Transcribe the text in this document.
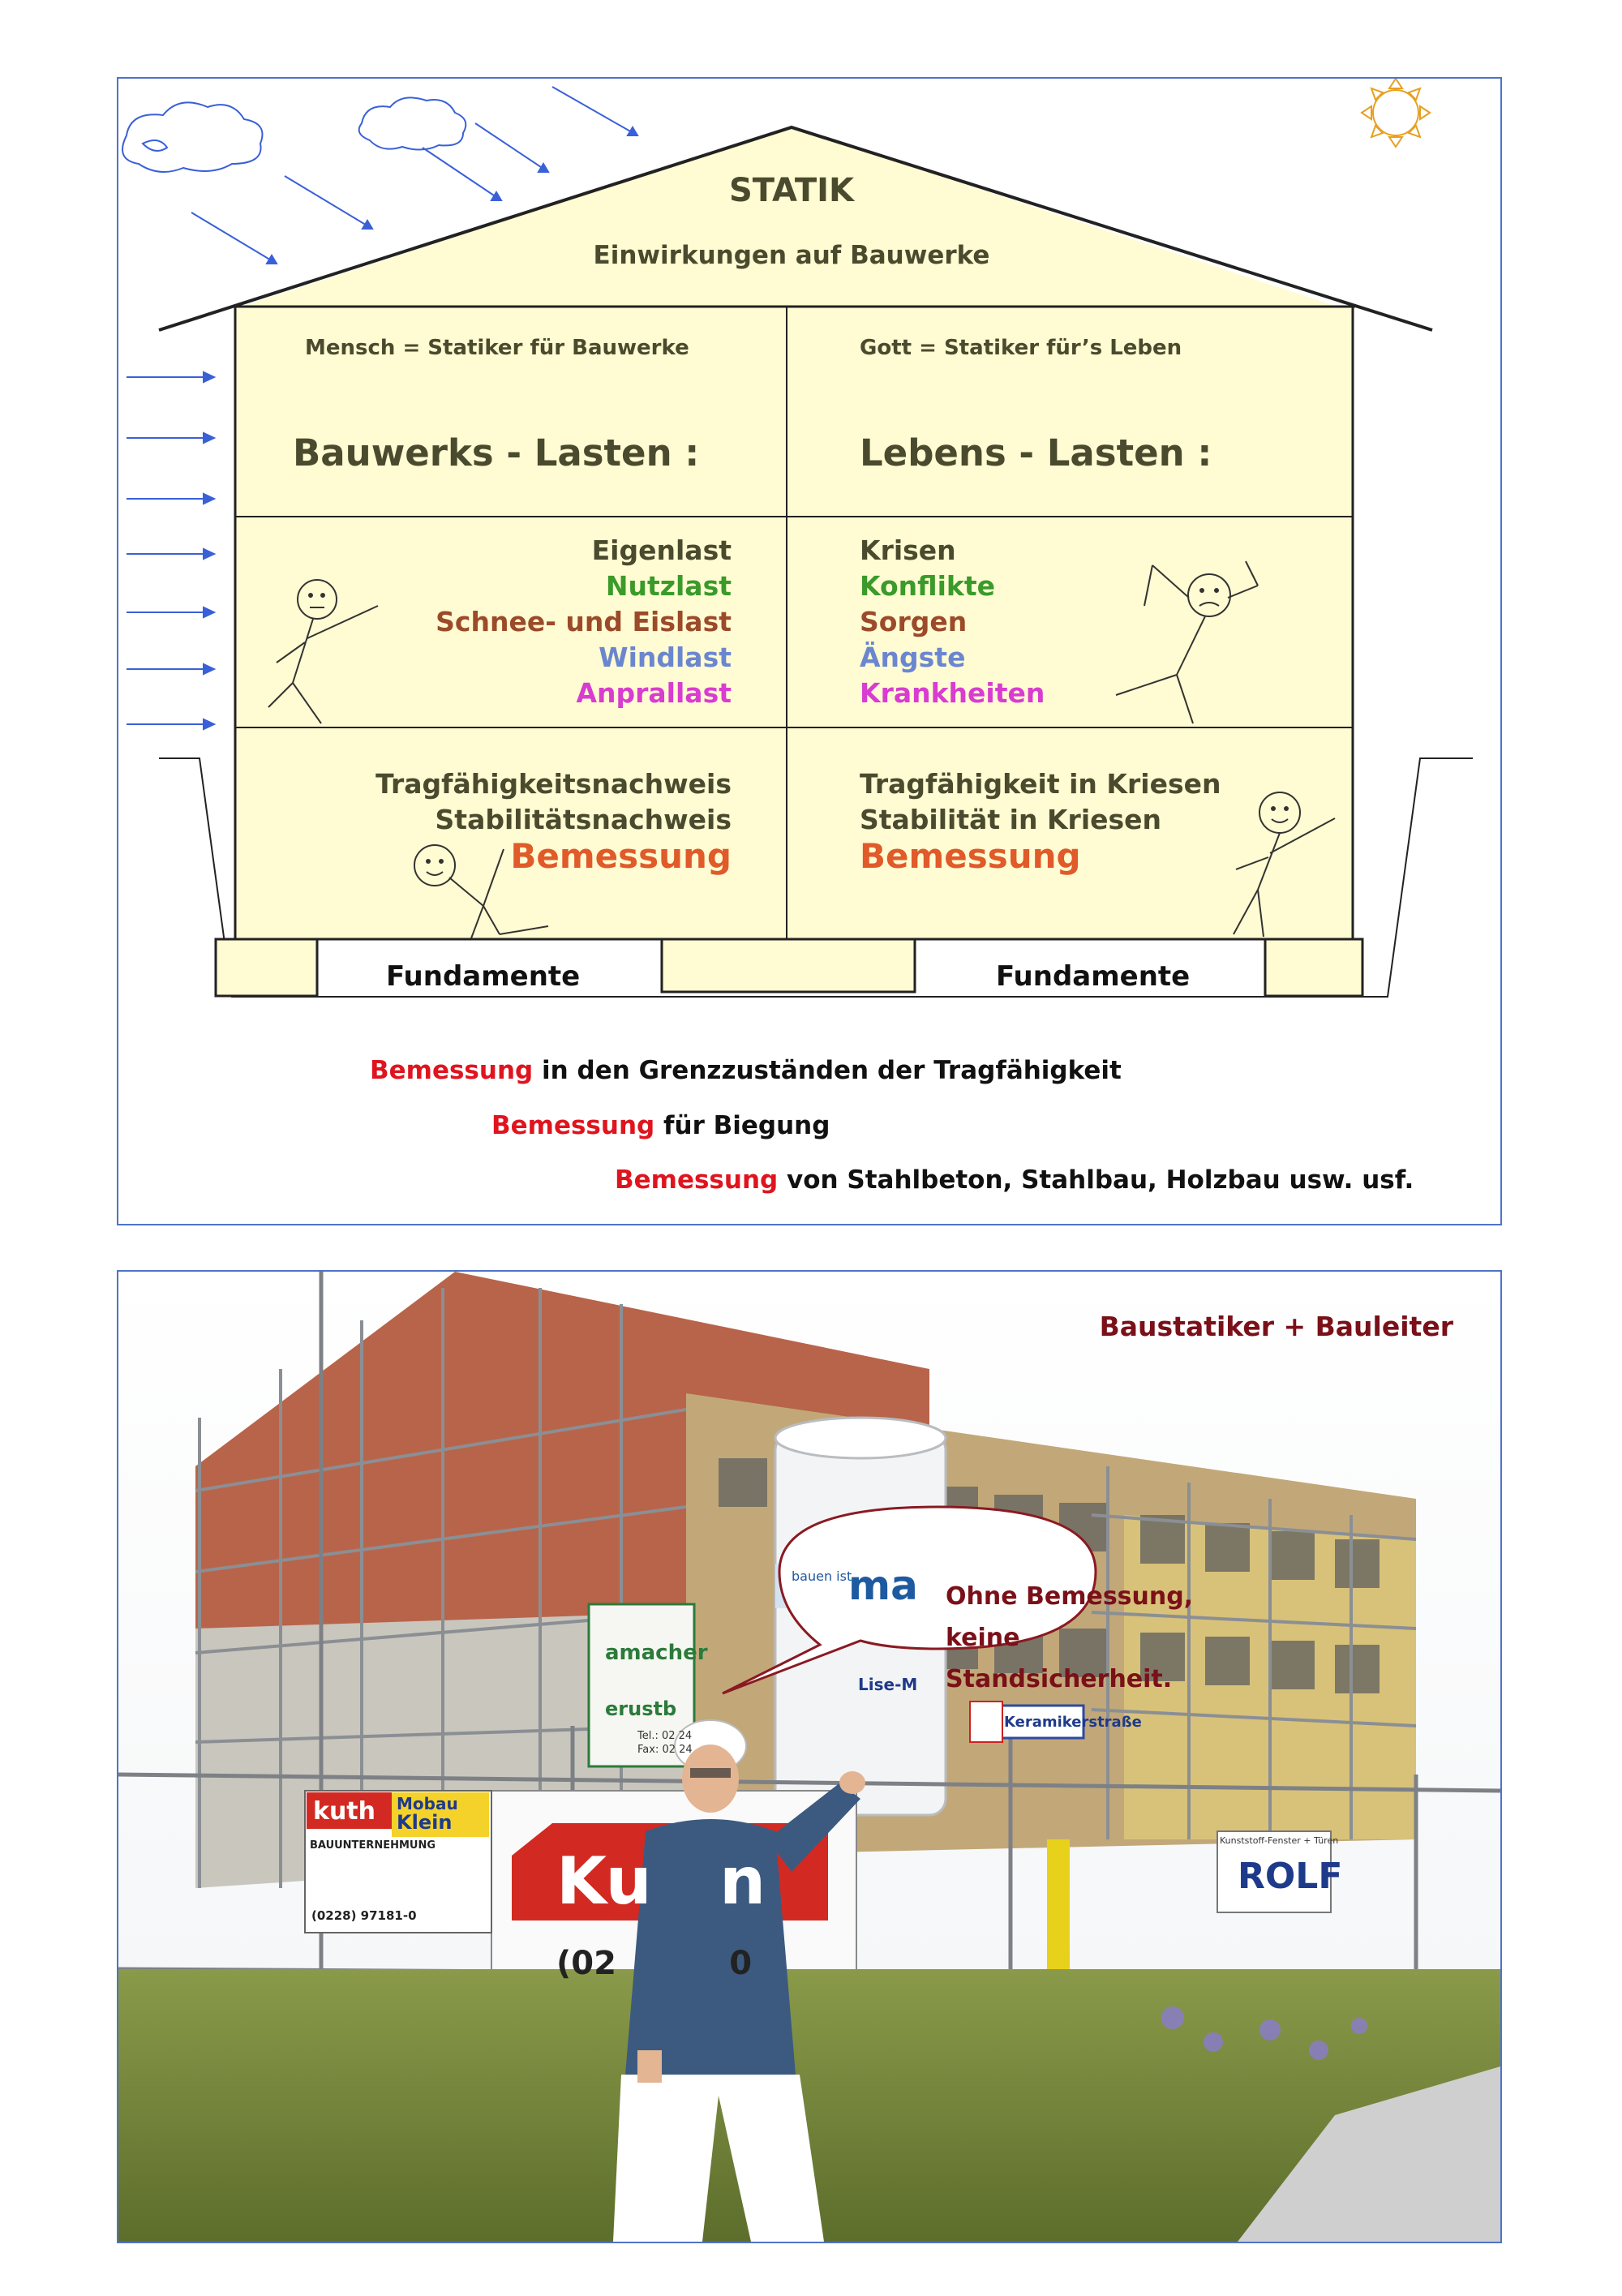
STATIK
Einwirkungen auf Bauwerke
Mensch = Statiker für Bauwerke
Bauwerks - Lasten :
Eigenlast
Nutzlast
Schnee- und Eislast
Windlast
Anprallast
Tragfähigkeitsnachweis
Stabilitätsnachweis
Bemessung
Gott = Statiker für’s Leben
Lebens - Lasten :
Krisen
Konflikte
Sorgen
Ängste
Krankheiten
Tragfähigkeit in Kriesen
Stabilität in Kriesen
Bemessung
Fundamente	Fundamente
Bemessung in den Grenzzuständen der Tragfähigkeit
Bemessung für Biegung
Bemessung von Stahlbeton, Stahlbau, Holzbau usw. usf.
Baustatiker + Bauleiter
Ohne Bemessung,
keine
Standsicherheit.
kuth Mobau
Klein
BAUUNTERNEHMUNG
(0228) 97181-0
amacher
erustb
Tel.: 02 24
Fax: 02 24
Ku   n
(02          0
bauen ist
ma
Lise-M
Keramikerstraße
Kunststoff-Fenster + Türen
ROLF
